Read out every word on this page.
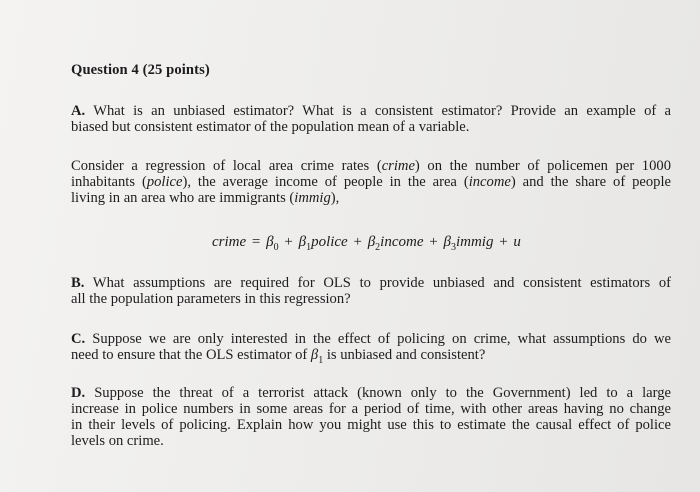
Question 4 (25 points)
A. What is an unbiased estimator? What is a consistent estimator? Provide an example of a
biased but consistent estimator of the population mean of a variable.
Consider a regression of local area crime rates (crime) on the number of policemen per 1000
inhabitants (police), the average income of people in the area (income) and the share of people
living in an area who are immigrants (immig),
crime = $\beta_0$ + $\beta_1police$ + $\beta_2income$ + $\beta_3immig + u$
B. What assumptions are required for OLS to provide unbiased and consistent estimators of
all the population parameters in this regression?
C. Suppose we are only interested in the effect of policing on crime, what assumptions do we
need to ensure that the OLS estimator of $\beta_1$ is unbiased and consistent?
D. Suppose the threat of a terrorist attack (known only to the Government) led to a large
increase in police numbers in some areas for a period of time, with other areas having no change
in their levels of policing. Explain how you might use this to estimate the causal effect of police
levels on crime.
